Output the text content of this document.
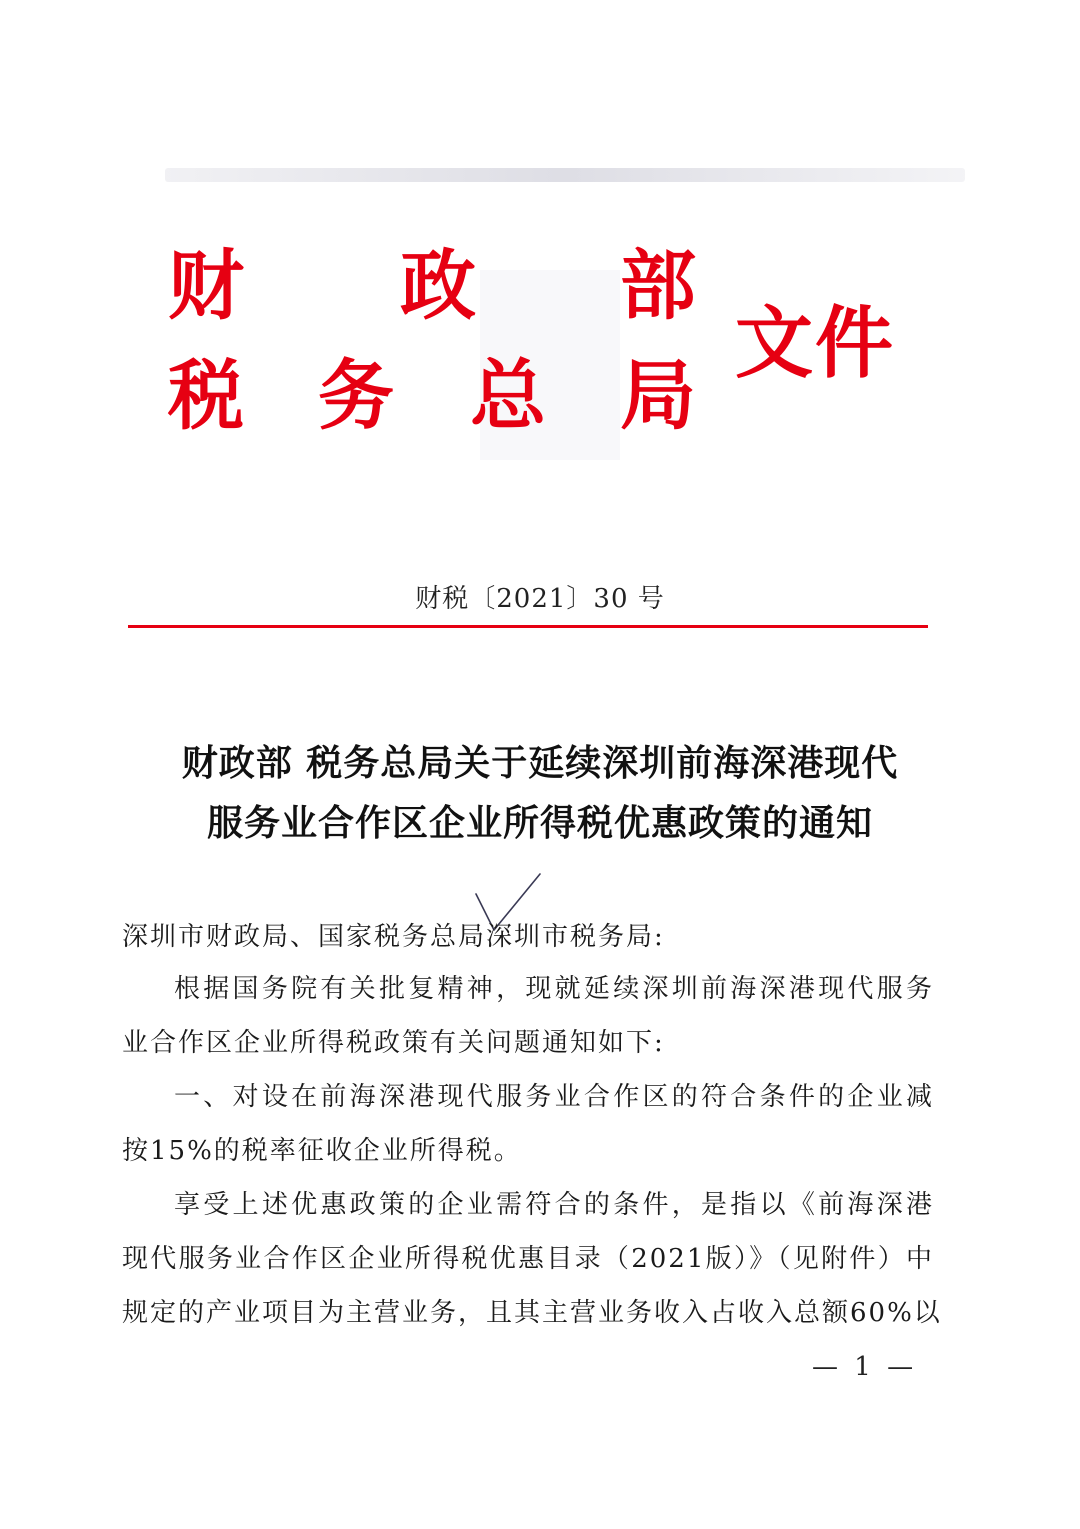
财 政 部
税 务 总 局
文件
财税〔2021〕30 号
财政部 税务总局关于延续深圳前海深港现代
服务业合作区企业所得税优惠政策的通知
深圳市财政局、国家税务总局深圳市税务局:
根据国务院有关批复精神，现就延续深圳前海深港现代服务
业合作区企业所得税政策有关问题通知如下:
一、对设在前海深港现代服务业合作区的符合条件的企业减
按15%的税率征收企业所得税。
享受上述优惠政策的企业需符合的条件，是指以《前海深港
现代服务业合作区企业所得税优惠目录（2021版）》（见附件）中
规定的产业项目为主营业务，且其主营业务收入占收入总额60%以
— 1 —
